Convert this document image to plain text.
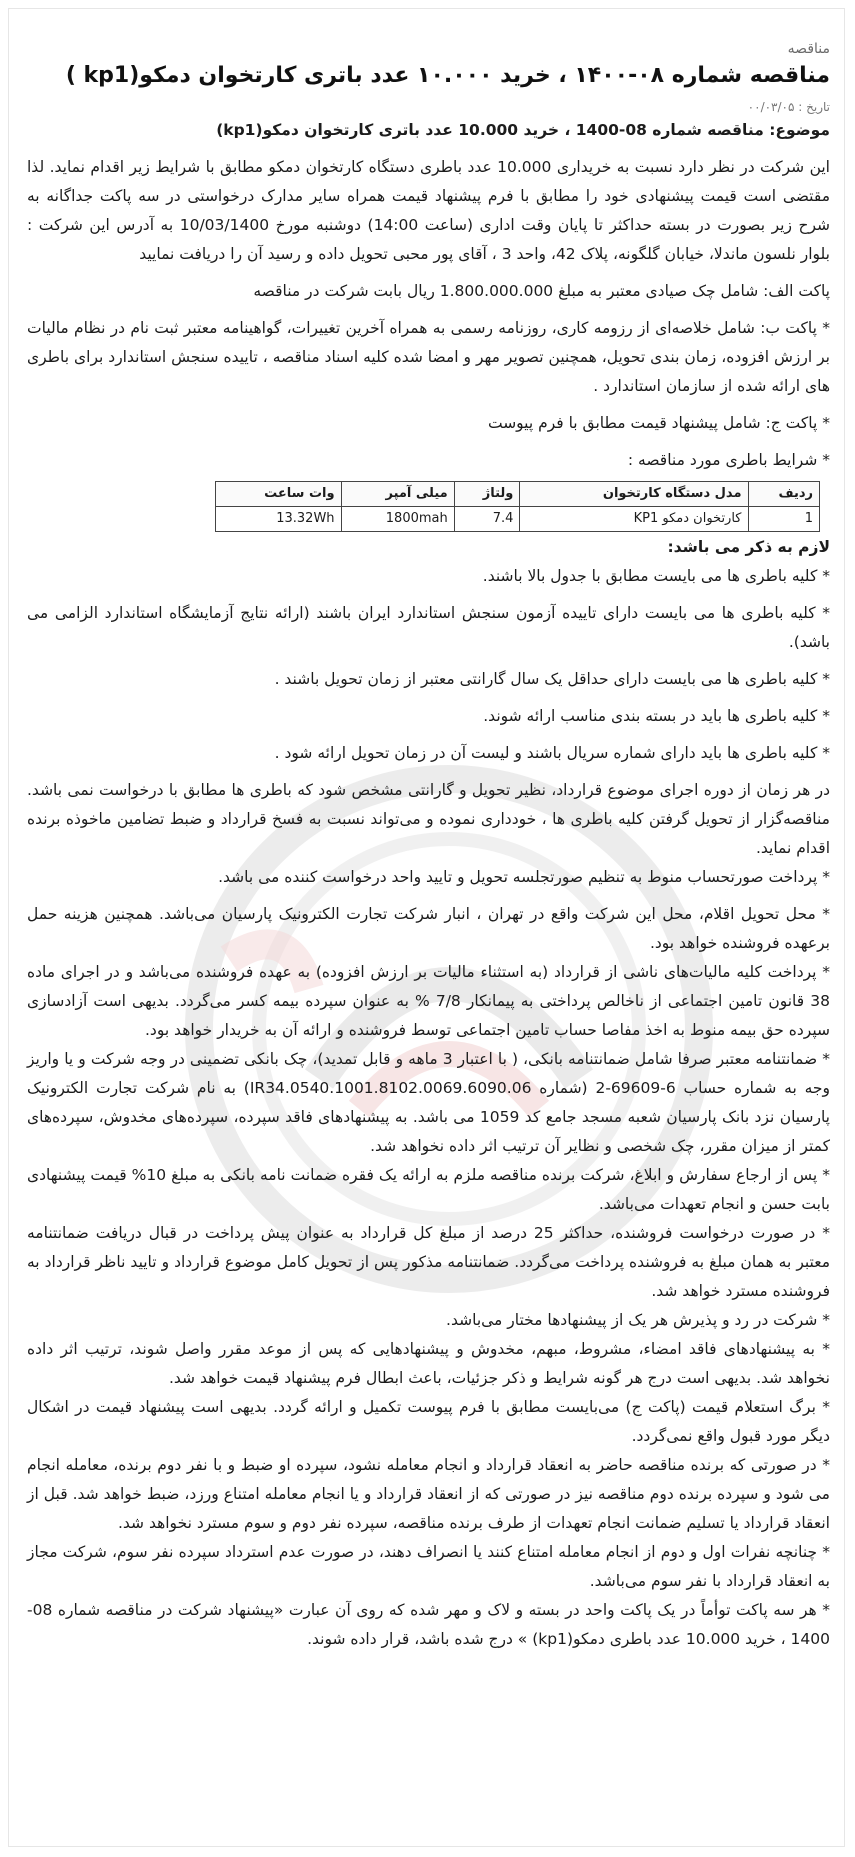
مناقصه
مناقصه شماره ۰۸-۱۴۰۰ ، خرید ۱۰.۰۰۰ عدد باتری کارتخوان دمکو(kp1 )
تاریخ : ۰۰/۰۳/۰۵
موضوع: مناقصه شماره 08-1400 ، خرید 10.000 عدد باتری کارتخوان دمکو(kp1)

این شرکت در نظر دارد نسبت به خریداری 10.000 عدد باطری دستگاه کارتخوان دمکو مطابق با شرایط زیر اقدام نماید. لذا مقتضی است قیمت پیشنهادی خود را مطابق با فرم پیشنهاد قیمت همراه سایر مدارک درخواستی در سه پاکت جداگانه به شرح زیر بصورت در بسته حداکثر تا پایان وقت اداری (ساعت 14:00) دوشنبه مورخ 10/03/1400 به آدرس این شرکت : بلوار نلسون ماندلا، خیابان گلگونه، پلاک 42، واحد 3 ، آقای پور محبی تحویل داده و رسید آن را دریافت نمایید

پاکت الف: شامل چک صیادی معتبر به مبلغ 1.800.000.000 ریال بابت شرکت در مناقصه

* پاکت ب: شامل خلاصه‌ای از رزومه کاری، روزنامه رسمی به همراه آخرین تغییرات، گواهینامه معتبر ثبت نام در نظام مالیات بر ارزش افزوده، زمان بندی تحویل، همچنین تصویر مهر و امضا شده کلیه اسناد مناقصه ، تاییده سنجش استاندارد برای باطری های ارائه شده از سازمان استاندارد .

* پاکت ج: شامل پیشنهاد قیمت مطابق با فرم پیوست

* شرایط باطری مورد مناقصه :

ردیف	مدل دستگاه کارتخوان	ولتاژ	میلی آمپر	وات ساعت
1	کارتخوان دمکو KP1	7.4	1800mah	13.32Wh
لازم به ذکر می باشد:

* کلیه باطری ها می بایست مطابق با جدول بالا باشند.

* کلیه باطری ها می بایست دارای تاییده آزمون سنجش استاندارد ایران باشند (ارائه نتایج آزمایشگاه استاندارد الزامی می باشد).

* کلیه باطری ها می بایست دارای حداقل یک سال گارانتی معتبر از زمان تحویل باشند .

* کلیه باطری ها باید در بسته بندی مناسب ارائه شوند.

* کلیه باطری ها باید دارای شماره سریال باشند و لیست آن در زمان تحویل ارائه شود .

در هر زمان از دوره اجرای موضوع قرارداد، نظیر تحویل و گارانتی مشخص شود که باطری ها مطابق با درخواست نمی باشد. مناقصه‌گزار از تحویل گرفتن کلیه باطری ها ، خودداری نموده و می‌تواند نسبت به فسخ قرارداد و ضبط تضامین ماخوذه برنده اقدام نماید.

* پرداخت صورتحساب منوط به تنظیم صورتجلسه تحویل و تایید واحد درخواست کننده می باشد.

* محل تحویل اقلام، محل این شرکت واقع در تهران ، انبار شرکت تجارت الکترونیک پارسیان می‌باشد. همچنین هزینه حمل برعهده فروشنده خواهد بود.

* پرداخت کلیه مالیات‌های ناشی از قرارداد (به استثناء مالیات بر ارزش افزوده) به عهده فروشنده می‌باشد و در اجرای ماده 38 قانون تامین اجتماعی از ناخالص پرداختی به پیمانکار 7/8 % به عنوان سپرده بیمه کسر می‌گردد. بدیهی است آزادسازی سپرده حق بیمه منوط به اخذ مفاصا حساب تامین اجتماعی توسط فروشنده و ارائه آن به خریدار خواهد بود.

* ضمانتنامه معتبر صرفا شامل ضمانتنامه بانکی، ( با اعتبار 3 ماهه و قابل تمدید)، چک بانکی تضمینی در وجه شرکت و یا واریز وجه به شماره حساب 6-69609-2 (شماره IR34.0540.1001.8102.0069.6090.06) به نام شرکت تجارت الکترونیک پارسیان نزد بانک پارسیان شعبه مسجد جامع کد 1059 می باشد. به پیشنهادهای فاقد سپرده، سپرده‌های مخدوش، سپرده‌های کمتر از میزان مقرر، چک شخصی و نظایر آن ترتیب اثر داده نخواهد شد.

* پس از ارجاع سفارش و ابلاغ، شرکت برنده مناقصه ملزم به ارائه یک فقره ضمانت نامه بانکی به مبلغ 10% قیمت پیشنهادی بابت حسن و انجام تعهدات می‌باشد.

* در صورت درخواست فروشنده، حداکثر 25 درصد از مبلغ کل قرارداد به عنوان پیش پرداخت در قبال دریافت ضمانتنامه معتبر به همان مبلغ به فروشنده پرداخت می‌گردد. ضمانتنامه مذکور پس از تحویل کامل موضوع قرارداد و تایید ناظر قرارداد به فروشنده مسترد خواهد شد.

* شرکت در رد و پذیرش هر یک از پیشنهادها مختار می‌باشد.

* به پیشنهادهای فاقد امضاء، مشروط، مبهم، مخدوش و پیشنهادهایی که پس از موعد مقرر واصل شوند، ترتیب اثر داده نخواهد شد. بدیهی است درج هر گونه شرایط و ذکر جزئیات، باعث ابطال فرم پیشنهاد قیمت خواهد شد.

* برگ استعلام قیمت (پاکت ج) می‌بایست مطابق با فرم پیوست تکمیل و ارائه گردد. بدیهی است پیشنهاد قیمت در اشکال دیگر مورد قبول واقع نمی‌گردد.

* در صورتی که برنده مناقصه حاضر به انعقاد قرارداد و انجام معامله نشود، سپرده او ضبط و با نفر دوم برنده، معامله انجام می شود و سپرده برنده دوم مناقصه نیز در صورتی که از انعقاد قرارداد و یا انجام معامله امتناع ورزد، ضبط خواهد شد. قبل از انعقاد قرارداد یا تسلیم ضمانت انجام تعهدات از طرف برنده مناقصه، سپرده نفر دوم و سوم مسترد نخواهد شد.

* چنانچه نفرات اول و دوم از انجام معامله امتناع کنند یا انصراف دهند، در صورت عدم استرداد سپرده نفر سوم، شرکت مجاز به انعقاد قرارداد با نفر سوم می‌باشد.

* هر سه پاکت توأماً در یک پاکت واحد در بسته و لاک و مهر شده که روی آن عبارت «پیشنهاد شرکت در مناقصه شماره 08-1400 ، خرید 10.000 عدد باطری دمکو(kp1) » درج شده باشد، قرار داده شوند.
